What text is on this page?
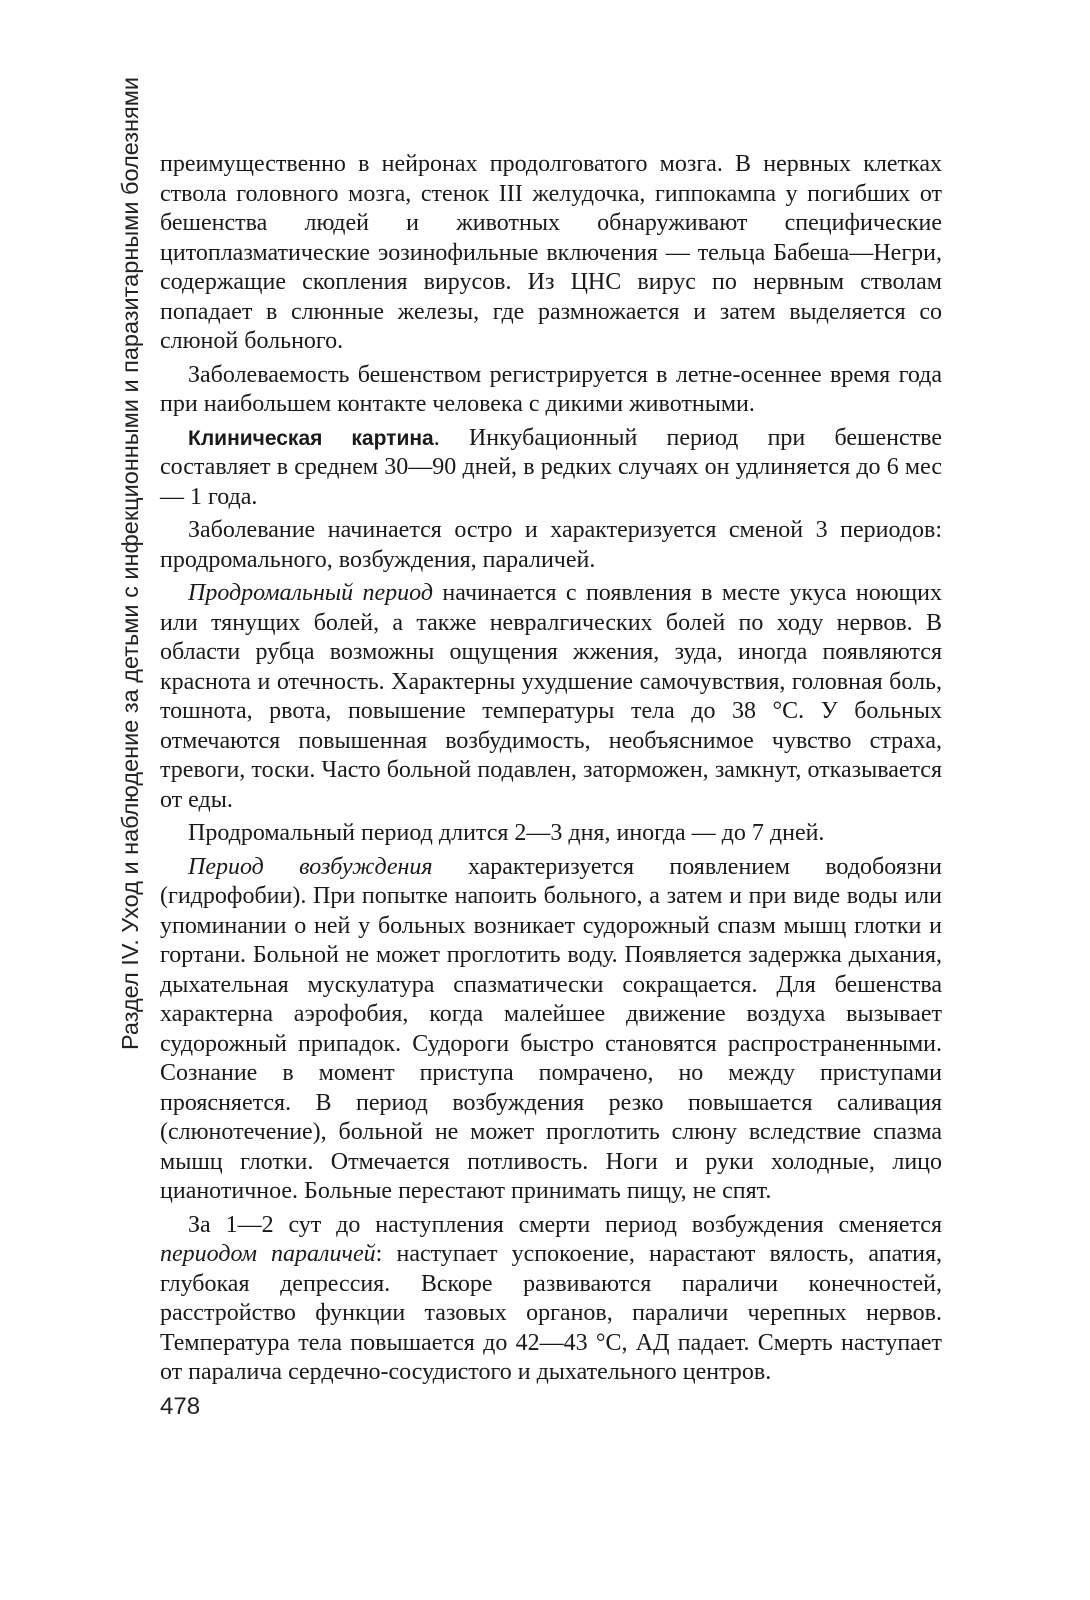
Раздел IV. Уход и наблюдение за детьми с инфекционными и паразитарными болезнями преимущественно в нейронах продолговатого мозга. В нервных клетках ствола головного мозга, стенок III желудочка, гиппокампа у погибших от бешенства людей и животных обнаруживают специфические цитоплазматические эозинофильные включения — тельца Бабеша—Негри, содержащие скопления вирусов. Из ЦНС вирус по нервным стволам попадает в слюнные железы, где размножается и затем выделяется со слюной больного.

Заболеваемость бешенством регистрируется в летне-осеннее время года при наибольшем контакте человека с дикими животными.

Клиническая картина. Инкубационный период при бешенстве составляет в среднем 30—90 дней, в редких случаях он удлиняется до 6 мес — 1 года.

Заболевание начинается остро и характеризуется сменой 3 периодов: продромального, возбуждения, параличей.

Продромальный период начинается с появления в месте укуса ноющих или тянущих болей, а также невралгических болей по ходу нервов. В области рубца возможны ощущения жжения, зуда, иногда появляются краснота и отечность. Характерны ухудшение самочувствия, головная боль, тошнота, рвота, повышение температуры тела до 38 °С. У больных отмечаются повышенная возбудимость, необъяснимое чувство страха, тревоги, тоски. Часто больной подавлен, заторможен, замкнут, отказывается от еды.

Продромальный период длится 2—3 дня, иногда — до 7 дней.

Период возбуждения характеризуется появлением водобоязни (гидрофобии). При попытке напоить больного, а затем и при виде воды или упоминании о ней у больных возникает судорожный спазм мышц глотки и гортани. Больной не может проглотить воду. Появляется задержка дыхания, дыхательная мускулатура спазматически сокращается. Для бешенства характерна аэрофобия, когда малейшее движение воздуха вызывает судорожный припадок. Судороги быстро становятся распространенными. Сознание в момент приступа помрачено, но между приступами проясняется. В период возбуждения резко повышается саливация (слюнотечение), больной не может проглотить слюну вследствие спазма мышц глотки. Отмечается потливость. Ноги и руки холодные, лицо цианотичное. Больные перестают принимать пищу, не спят.

За 1—2 сут до наступления смерти период возбуждения сменяется периодом параличей: наступает успокоение, нарастают вялость, апатия, глубокая депрессия. Вскоре развиваются параличи конечностей, расстройство функции тазовых органов, параличи черепных нервов. Температура тела повышается до 42—43 °С, АД падает. Смерть наступает от паралича сердечно-сосудистого и дыхательного центров.

478
